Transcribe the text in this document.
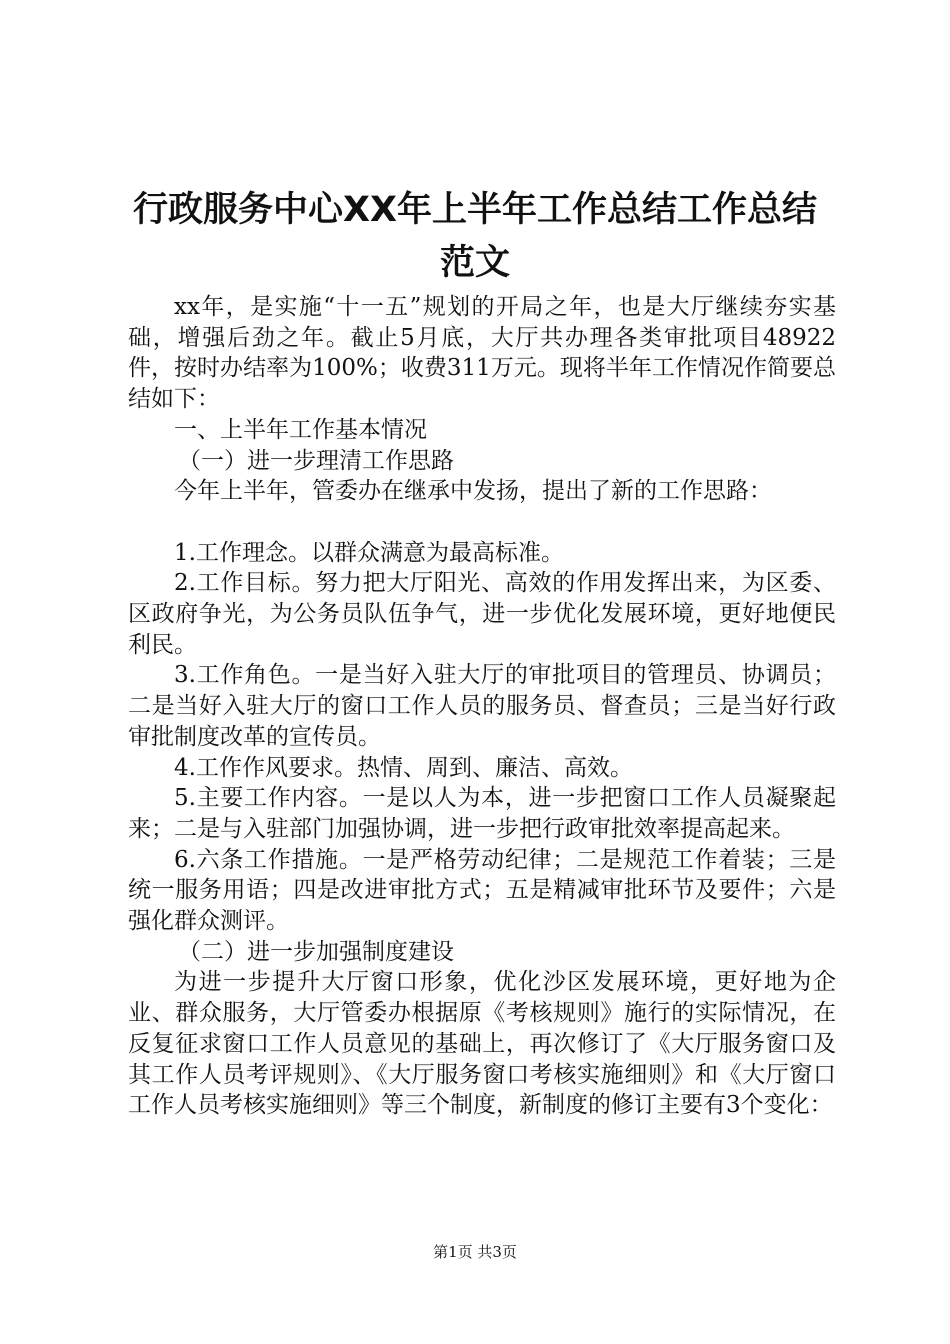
行政服务中心XX年上半年工作总结工作总结
范文

xx年，是实施“十一五”规划的开局之年，也是大厅继续夯实基础，增强后劲之年。截止5月底，大厅共办理各类审批项目48922件，按时办结率为100%；收费311万元。现将半年工作情况作简要总结如下：

一、上半年工作基本情况

（一）进一步理清工作思路

今年上半年，管委办在继承中发扬，提出了新的工作思路：

1.工作理念。以群众满意为最高标准。

2.工作目标。努力把大厅阳光、高效的作用发挥出来，为区委、区政府争光，为公务员队伍争气，进一步优化发展环境，更好地便民利民。

3.工作角色。一是当好入驻大厅的审批项目的管理员、协调员；二是当好入驻大厅的窗口工作人员的服务员、督查员；三是当好行政审批制度改革的宣传员。

4.工作作风要求。热情、周到、廉洁、高效。

5.主要工作内容。一是以人为本，进一步把窗口工作人员凝聚起来；二是与入驻部门加强协调，进一步把行政审批效率提高起来。

6.六条工作措施。一是严格劳动纪律；二是规范工作着装；三是统一服务用语；四是改进审批方式；五是精减审批环节及要件；六是强化群众测评。

（二）进一步加强制度建设

为进一步提升大厅窗口形象，优化沙区发展环境，更好地为企业、群众服务，大厅管委办根据原《考核规则》施行的实际情况，在反复征求窗口工作人员意见的基础上，再次修订了《大厅服务窗口及其工作人员考评规则》、《大厅服务窗口考核实施细则》和《大厅窗口工作人员考核实施细则》等三个制度，新制度的修订主要有3个变化：

第1页 共3页
